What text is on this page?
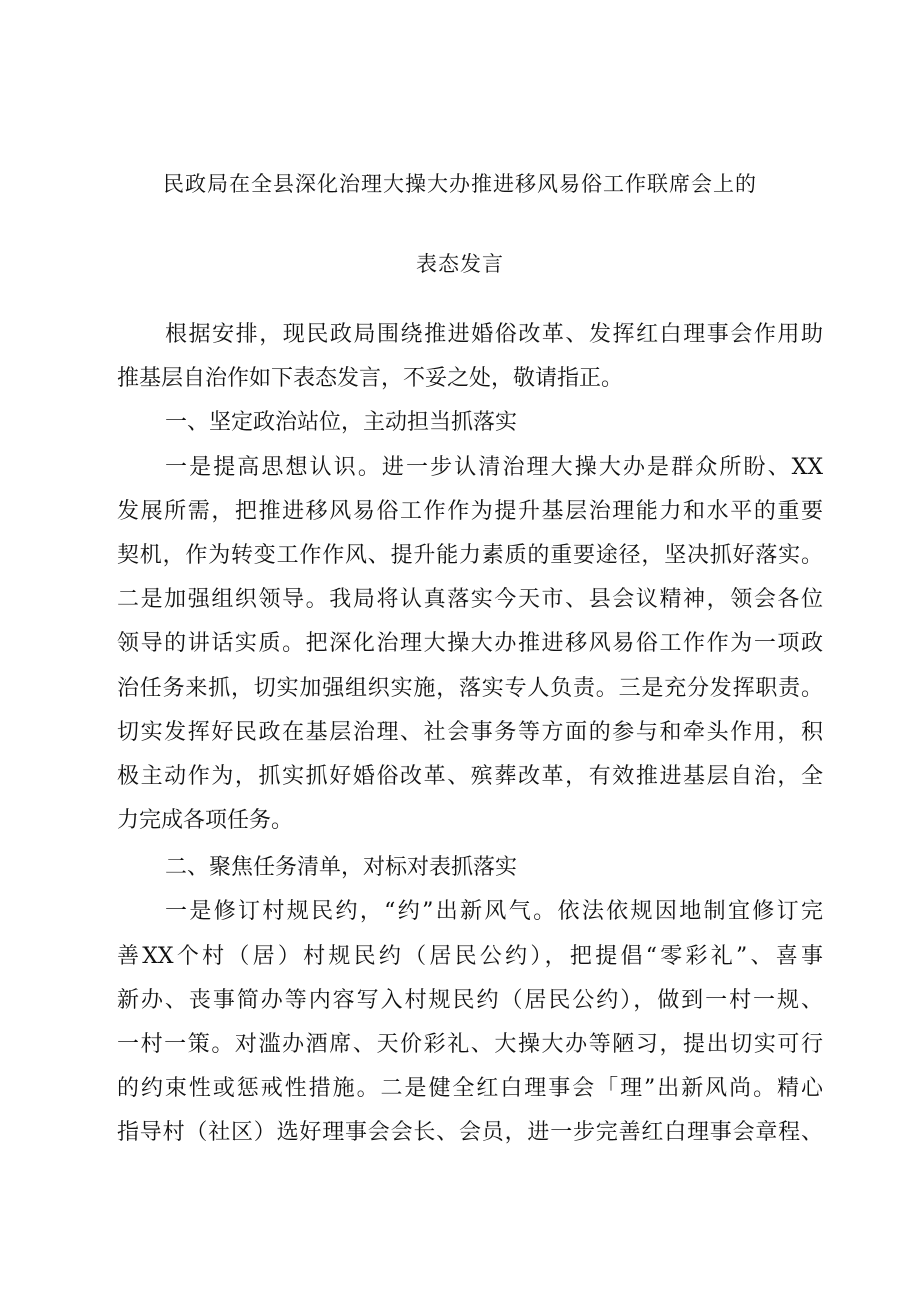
民政局在全县深化治理大操大办推进移风易俗工作联席会上的
表态发言
根据安排，现民政局围绕推进婚俗改革、发挥红白理事会作用助
推基层自治作如下表态发言，不妥之处，敬请指正。
一、坚定政治站位，主动担当抓落实
一是提高思想认识。进一步认清治理大操大办是群众所盼、XX
发展所需，把推进移风易俗工作作为提升基层治理能力和水平的重要
契机，作为转变工作作风、提升能力素质的重要途径，坚决抓好落实。
二是加强组织领导。我局将认真落实今天市、县会议精神，领会各位
领导的讲话实质。把深化治理大操大办推进移风易俗工作作为一项政
治任务来抓，切实加强组织实施，落实专人负责。三是充分发挥职责。
切实发挥好民政在基层治理、社会事务等方面的参与和牵头作用，积
极主动作为，抓实抓好婚俗改革、殡葬改革，有效推进基层自治，全
力完成各项任务。
二、聚焦任务清单，对标对表抓落实
一是修订村规民约，“约”出新风气。依法依规因地制宜修订完
善XX个村（居）村规民约（居民公约），把提倡“零彩礼”、喜事
新办、丧事简办等内容写入村规民约（居民公约），做到一村一规、
一村一策。对滥办酒席、天价彩礼、大操大办等陋习，提出切实可行
的约束性或惩戒性措施。二是健全红白理事会「理”出新风尚。精心
指导村（社区）选好理事会会长、会员，进一步完善红白理事会章程、
